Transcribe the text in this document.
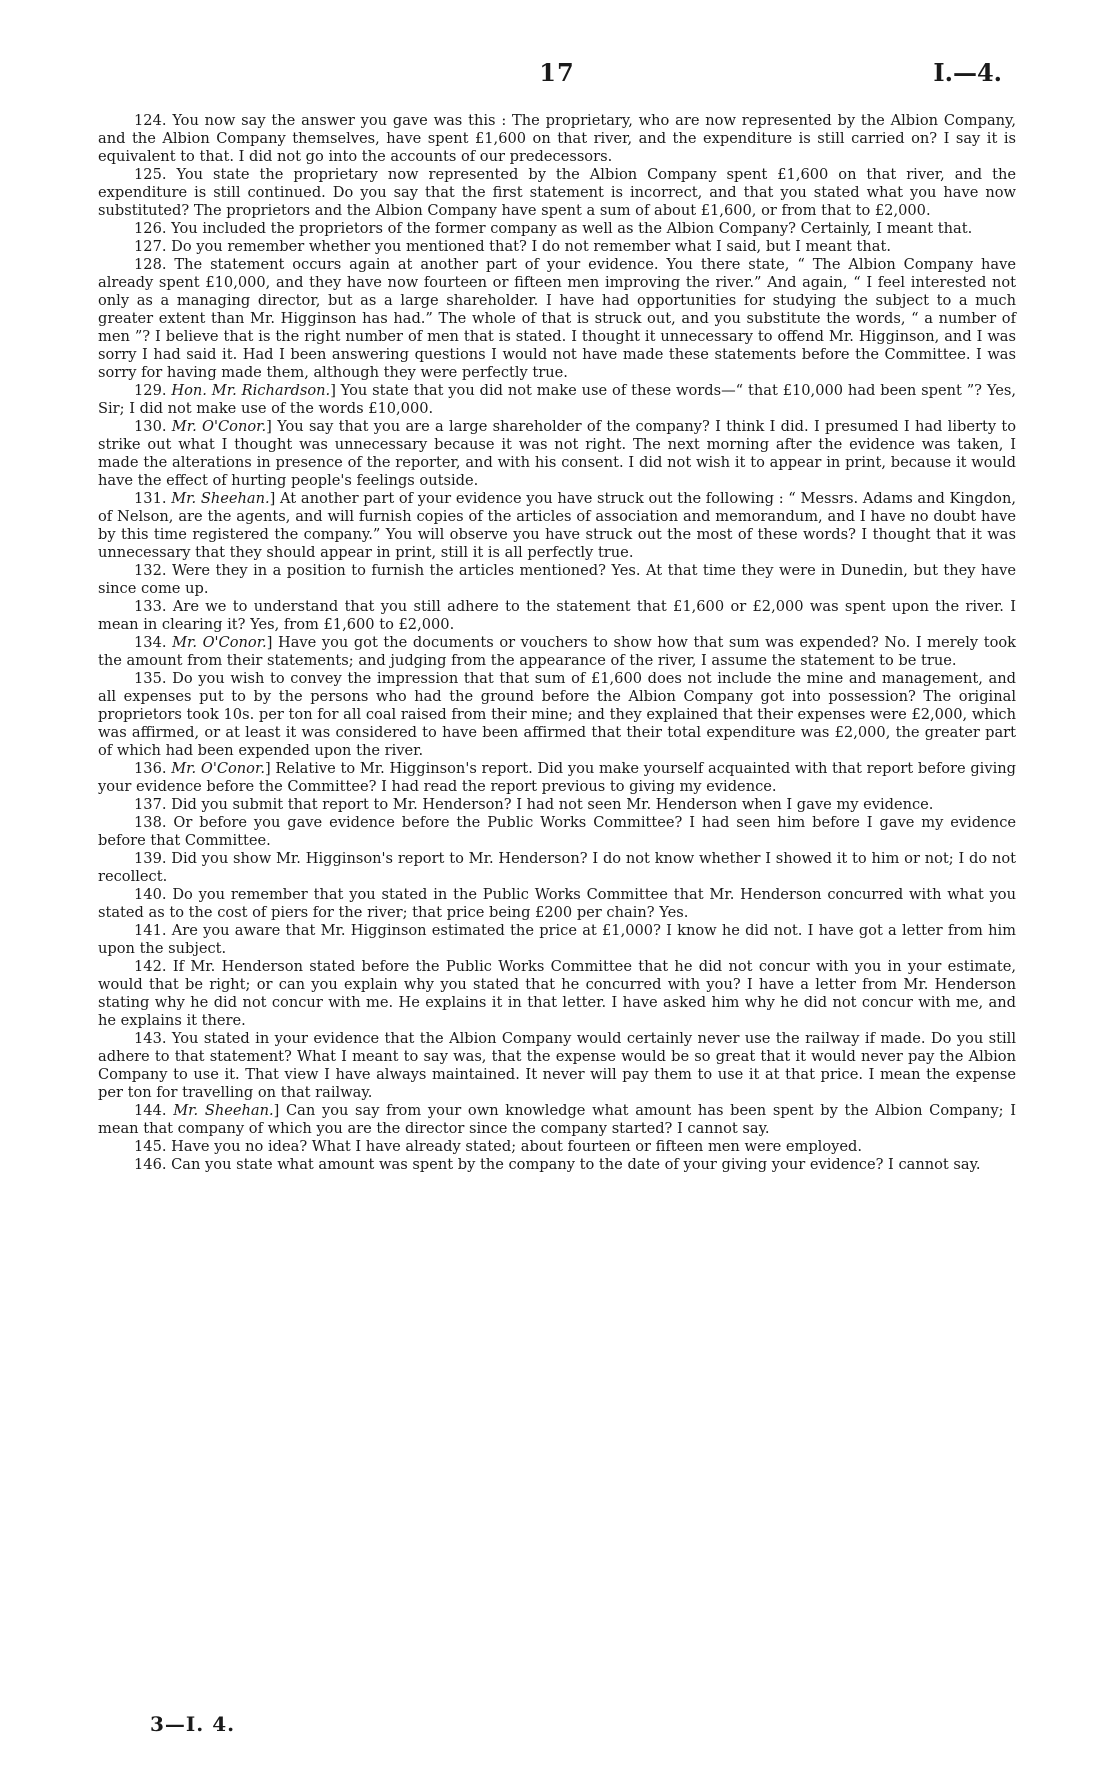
17	I.—4.

124. You now say the answer you gave was this : The proprietary, who are now represented by the Albion Company, and the Albion Company themselves, have spent £1,600 on that river, and the expenditure is still carried on? I say it is equivalent to that. I did not go into the accounts of our predecessors.

125. You state the proprietary now represented by the Albion Company spent £1,600 on that river, and the expenditure is still continued. Do you say that the first statement is incorrect, and that you stated what you have now substituted? The proprietors and the Albion Company have spent a sum of about £1,600, or from that to £2,000.

126. You included the proprietors of the former company as well as the Albion Company? Certainly, I meant that.

127. Do you remember whether you mentioned that? I do not remember what I said, but I meant that.

128. The statement occurs again at another part of your evidence. You there state, “ The Albion Company have already spent £10,000, and they have now fourteen or fifteen men improving the river.” And again, “ I feel interested not only as a managing director, but as a large shareholder. I have had opportunities for studying the subject to a much greater extent than Mr. Higginson has had.” The whole of that is struck out, and you substitute the words, “ a number of men ”? I believe that is the right number of men that is stated. I thought it unnecessary to offend Mr. Higginson, and I was sorry I had said it. Had I been answering questions I would not have made these statements before the Committee. I was sorry for having made them, although they were perfectly true.

129. Hon. Mr. Richardson.] You state that you did not make use of these words—“ that £10,000 had been spent ”? Yes, Sir; I did not make use of the words £10,000.

130. Mr. O'Conor.] You say that you are a large shareholder of the company? I think I did. I presumed I had liberty to strike out what I thought was unnecessary because it was not right. The next morning after the evidence was taken, I made the alterations in presence of the reporter, and with his consent. I did not wish it to appear in print, because it would have the effect of hurting people's feelings outside.

131. Mr. Sheehan.] At another part of your evidence you have struck out the following : “ Messrs. Adams and Kingdon, of Nelson, are the agents, and will furnish copies of the articles of association and memorandum, and I have no doubt have by this time registered the company.” You will observe you have struck out the most of these words? I thought that it was unnecessary that they should appear in print, still it is all perfectly true.

132. Were they in a position to furnish the articles mentioned? Yes. At that time they were in Dunedin, but they have since come up.

133. Are we to understand that you still adhere to the statement that £1,600 or £2,000 was spent upon the river. I mean in clearing it? Yes, from £1,600 to £2,000.

134. Mr. O'Conor.] Have you got the documents or vouchers to show how that sum was expended? No. I merely took the amount from their statements; and judging from the appearance of the river, I assume the statement to be true.

135. Do you wish to convey the impression that that sum of £1,600 does not include the mine and management, and all expenses put to by the persons who had the ground before the Albion Company got into possession? The original proprietors took 10s. per ton for all coal raised from their mine; and they explained that their expenses were £2,000, which was affirmed, or at least it was considered to have been affirmed that their total expenditure was £2,000, the greater part of which had been expended upon the river.

136. Mr. O'Conor.] Relative to Mr. Higginson's report. Did you make yourself acquainted with that report before giving your evidence before the Committee? I had read the report previous to giving my evidence.

137. Did you submit that report to Mr. Henderson? I had not seen Mr. Henderson when I gave my evidence.

138. Or before you gave evidence before the Public Works Committee? I had seen him before I gave my evidence before that Committee.

139. Did you show Mr. Higginson's report to Mr. Henderson? I do not know whether I showed it to him or not; I do not recollect.

140. Do you remember that you stated in the Public Works Committee that Mr. Henderson concurred with what you stated as to the cost of piers for the river; that price being £200 per chain? Yes.

141. Are you aware that Mr. Higginson estimated the price at £1,000? I know he did not. I have got a letter from him upon the subject.

142. If Mr. Henderson stated before the Public Works Committee that he did not concur with you in your estimate, would that be right; or can you explain why you stated that he concurred with you? I have a letter from Mr. Henderson stating why he did not concur with me. He explains it in that letter. I have asked him why he did not concur with me, and he explains it there.

143. You stated in your evidence that the Albion Company would certainly never use the railway if made. Do you still adhere to that statement? What I meant to say was, that the expense would be so great that it would never pay the Albion Company to use it. That view I have always maintained. It never will pay them to use it at that price. I mean the expense per ton for travelling on that railway.

144. Mr. Sheehan.] Can you say from your own knowledge what amount has been spent by the Albion Company; I mean that company of which you are the director since the company started? I cannot say.

145. Have you no idea? What I have already stated; about fourteen or fifteen men were employed.

146. Can you state what amount was spent by the company to the date of your giving your evidence? I cannot say.

3—I. 4.
